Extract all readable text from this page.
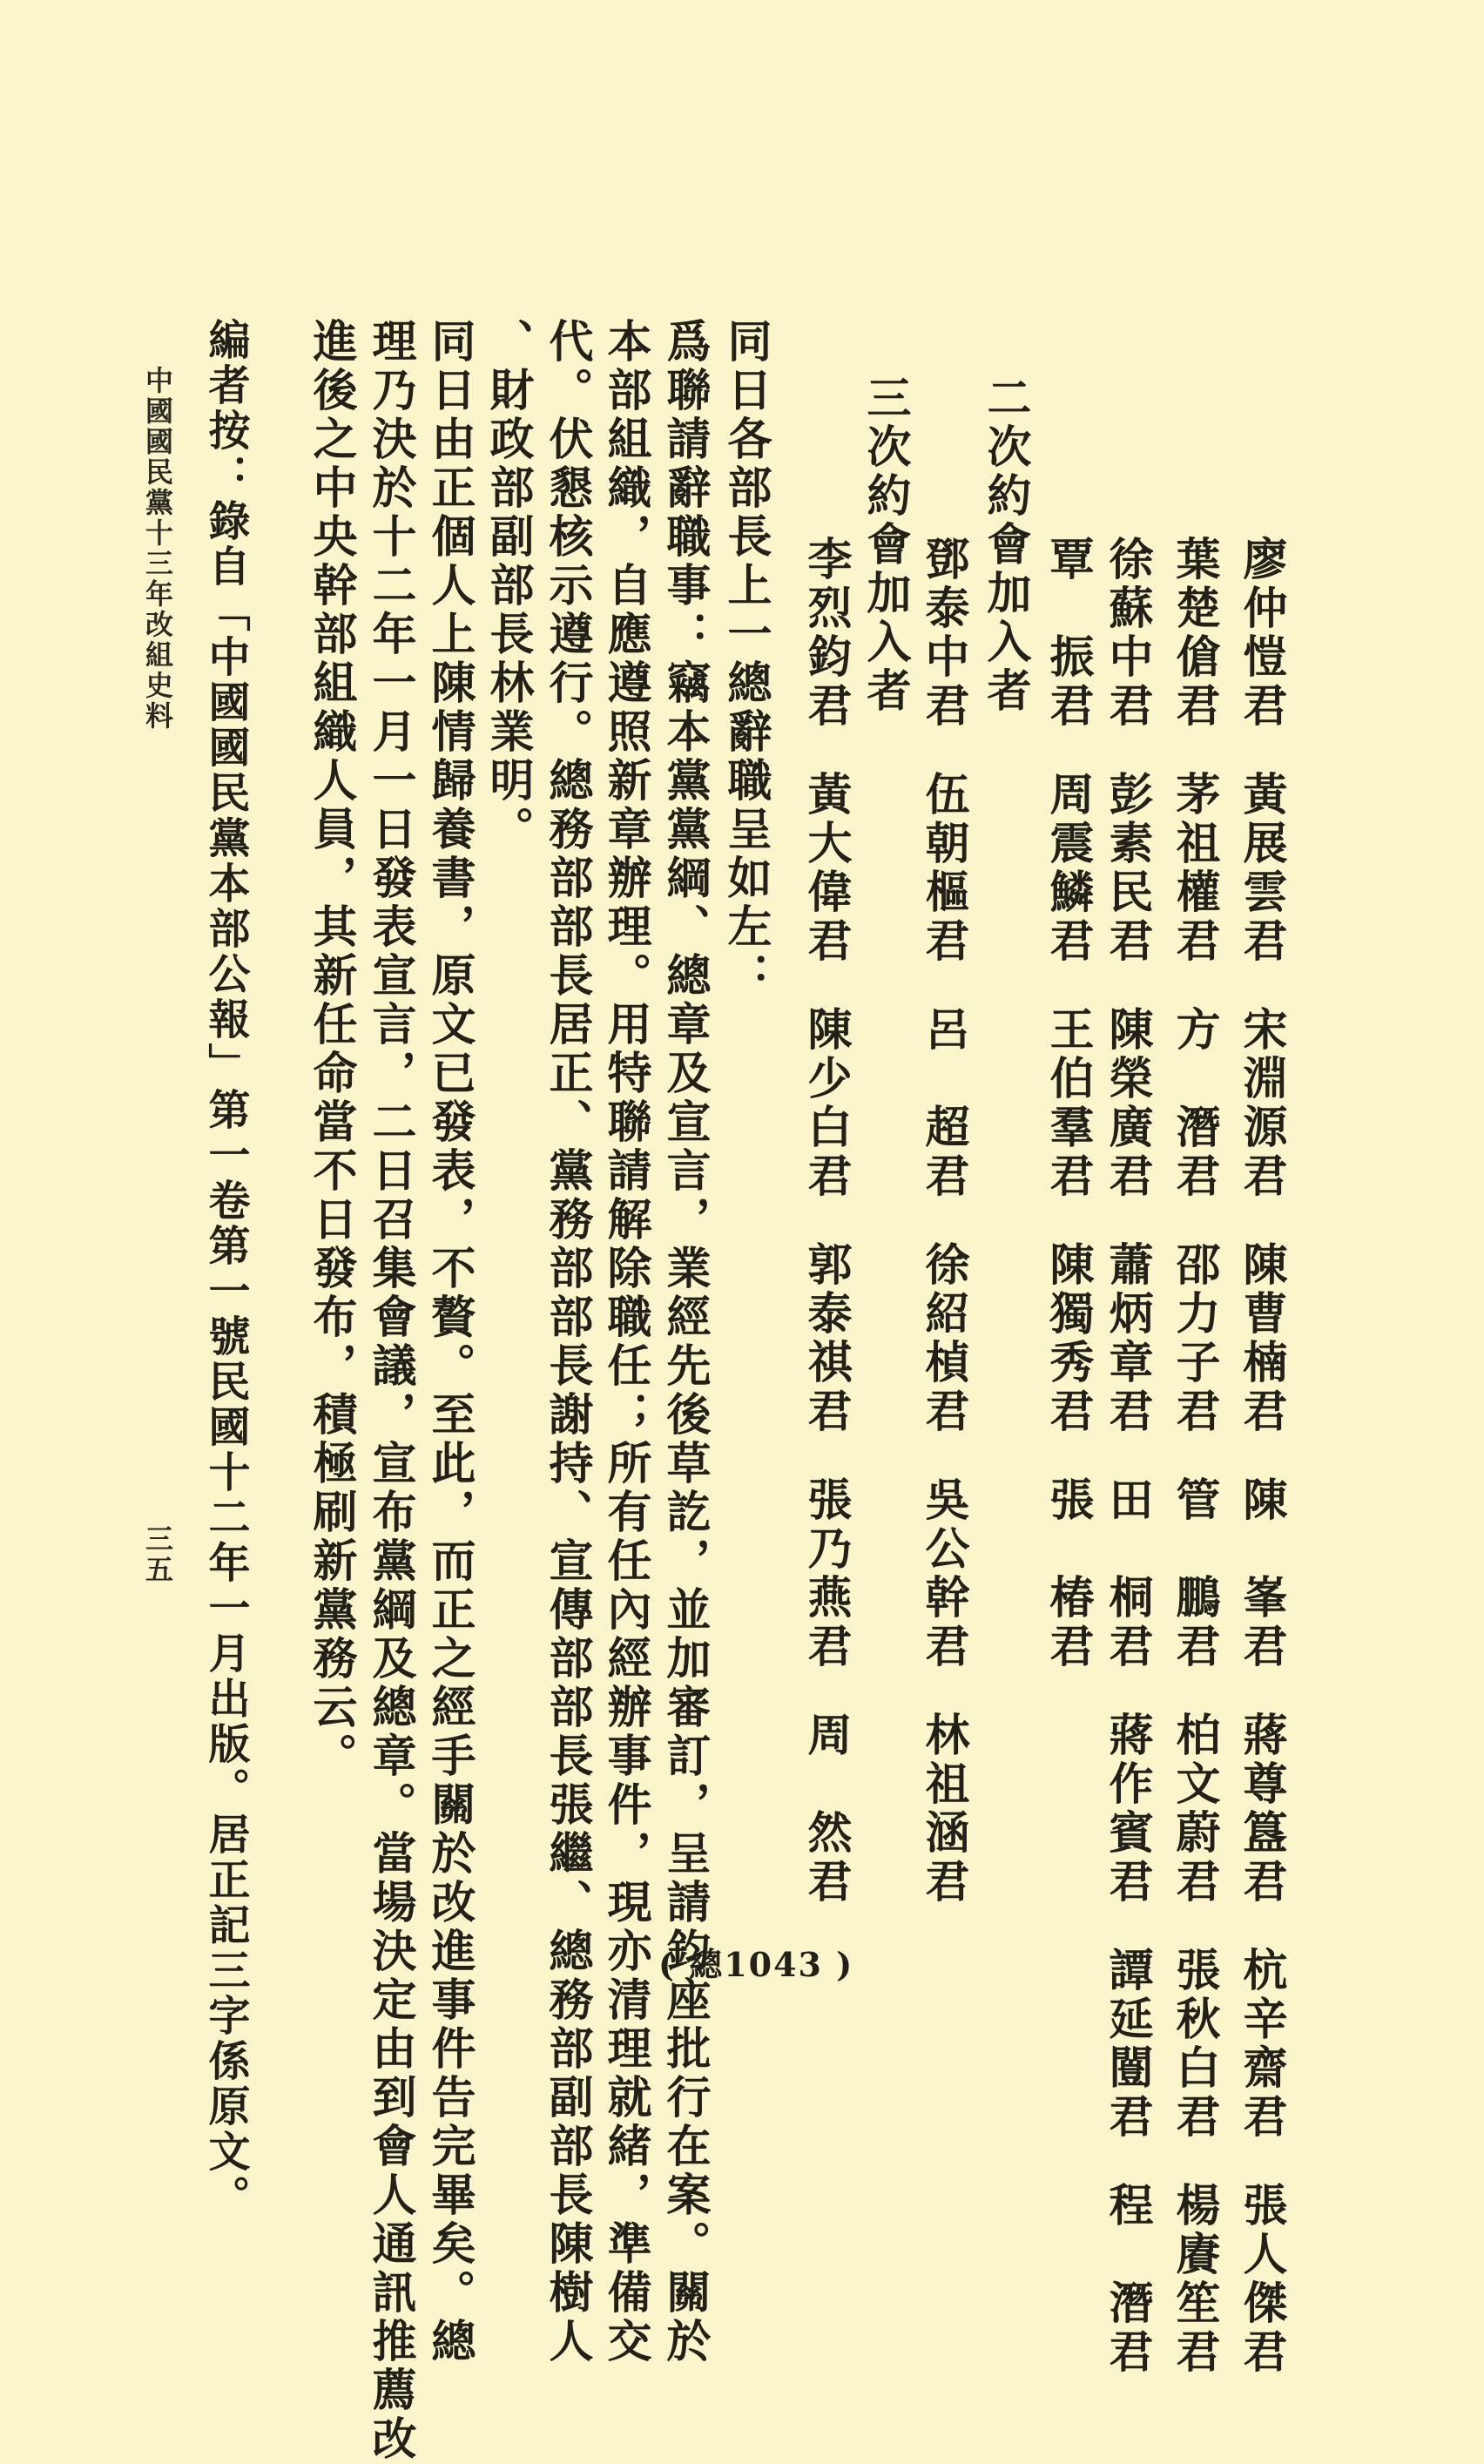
廖仲愷君黃展雲君宋淵源君陳曹楠君陳　峯君蔣尊簋君杭辛齋君張人傑君

葉楚傖君茅祖權君方　潛君邵力子君管　鵬君柏文蔚君張秋白君楊賡笙君

徐蘇中君彭素民君陳榮廣君蕭炳章君田　桐君蔣作賓君譚延闓君程　潛君

覃　振君周震鱗君王伯羣君陳獨秀君張　椿君

二次約會加入者

鄧泰中君伍朝樞君呂　超君徐紹楨君吳公幹君林祖涵君

三次約會加入者

李烈鈞君黃大偉君陳少白君郭泰祺君張乃燕君周　然君

同日各部長上一總辭職呈如左：
爲聯請辭職事：竊本黨黨綱、總章及宣言，業經先後草訖，並加審訂，呈請鈞座批行在案。關於
本部組織，自應遵照新章辦理。用特聯請解除職任；所有任內經辦事件，現亦清理就緒，準備交
代。伏懇核示遵行。總務部部長居正、黨務部部長謝持、宣傳部部長張繼、總務部副部長陳樹人
、財政部副部長林業明。
同日由正個人上陳情歸養書，原文已發表，不贅。至此，而正之經手關於改進事件告完畢矣。總
理乃決於十二年一月一日發表宣言，二日召集會議，宣布黨綱及總章。當場決定由到會人通訊推薦改
進後之中央幹部組織人員，其新任命當不日發布，積極刷新黨務云。
編者按：錄自「中國國民黨本部公報」第一卷第一號民國十二年一月出版。居正記三字係原文。
中國國民黨十三年改組史料
三五
( 總1043 )
